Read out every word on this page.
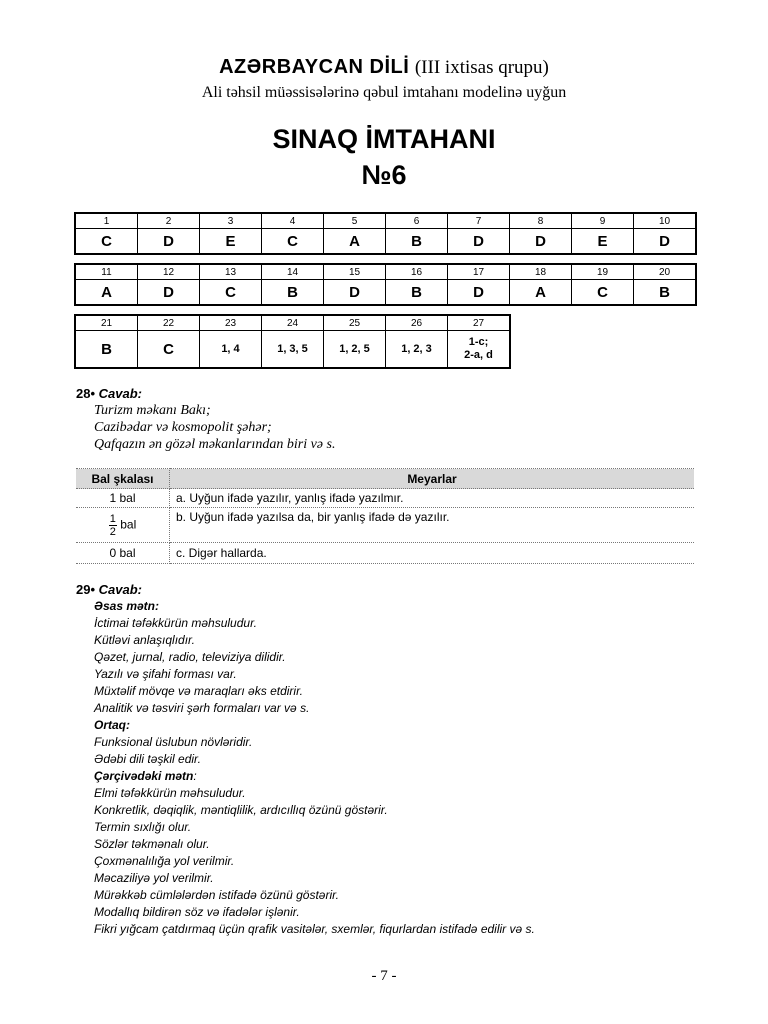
AZƏRBAYCAN DİLİ (III ixtisas qrupu)
Ali təhsil müəssisələrinə qəbul imtahanı modelinə uyğun
SINAQ İMTAHANI
№6
1	2	3	4	5	6	7	8	9	10
C	D	E	C	A	B	D	D	E	D
11	12	13	14	15	16	17	18	19	20
A	D	C	B	D	B	D	A	C	B
21	22	23	24	25	26	27
B	C	1, 4	1, 3, 5	1, 2, 5	1, 2, 3	1-c;
2-a, d
28• Cavab:
Turizm məkanı Bakı;
Cazibədar və kosmopolit şəhər;
Qafqazın ən gözəl məkanlarından biri və s.
Bal şkalası	Meyarlar
1 bal	a. Uyğun ifadə yazılır, yanlış ifadə yazılmır.

$\frac{1}{2}$ bal	b. Uyğun ifadə yazılsa da, bir yanlış ifadə də yazılır.
0 bal	c. Digər hallarda.
29• Cavab:
Əsas mətn:
İctimai təfəkkürün məhsuludur.
Kütləvi anlaşıqlıdır.
Qəzet, jurnal, radio, televiziya dilidir.
Yazılı və şifahi forması var.
Müxtəlif mövqe və maraqları əks etdirir.
Analitik və təsviri şərh formaları var və s.
Ortaq:
Funksional üslubun növləridir.
Ədəbi dili təşkil edir.
Çərçivədəki mətn:
Elmi təfəkkürün məhsuludur.
Konkretlik, dəqiqlik, məntiqlilik, ardıcıllıq özünü göstərir.
Termin sıxlığı olur.
Sözlər təkmənalı olur.
Çoxmənalılığa yol verilmir.
Məcaziliyə yol verilmir.
Mürəkkəb cümlələrdən istifadə özünü göstərir.
Modallıq bildirən söz və ifadələr işlənir.
Fikri yığcam çatdırmaq üçün qrafik vasitələr, sxemlər, fiqurlardan istifadə edilir və s.
- 7 -
